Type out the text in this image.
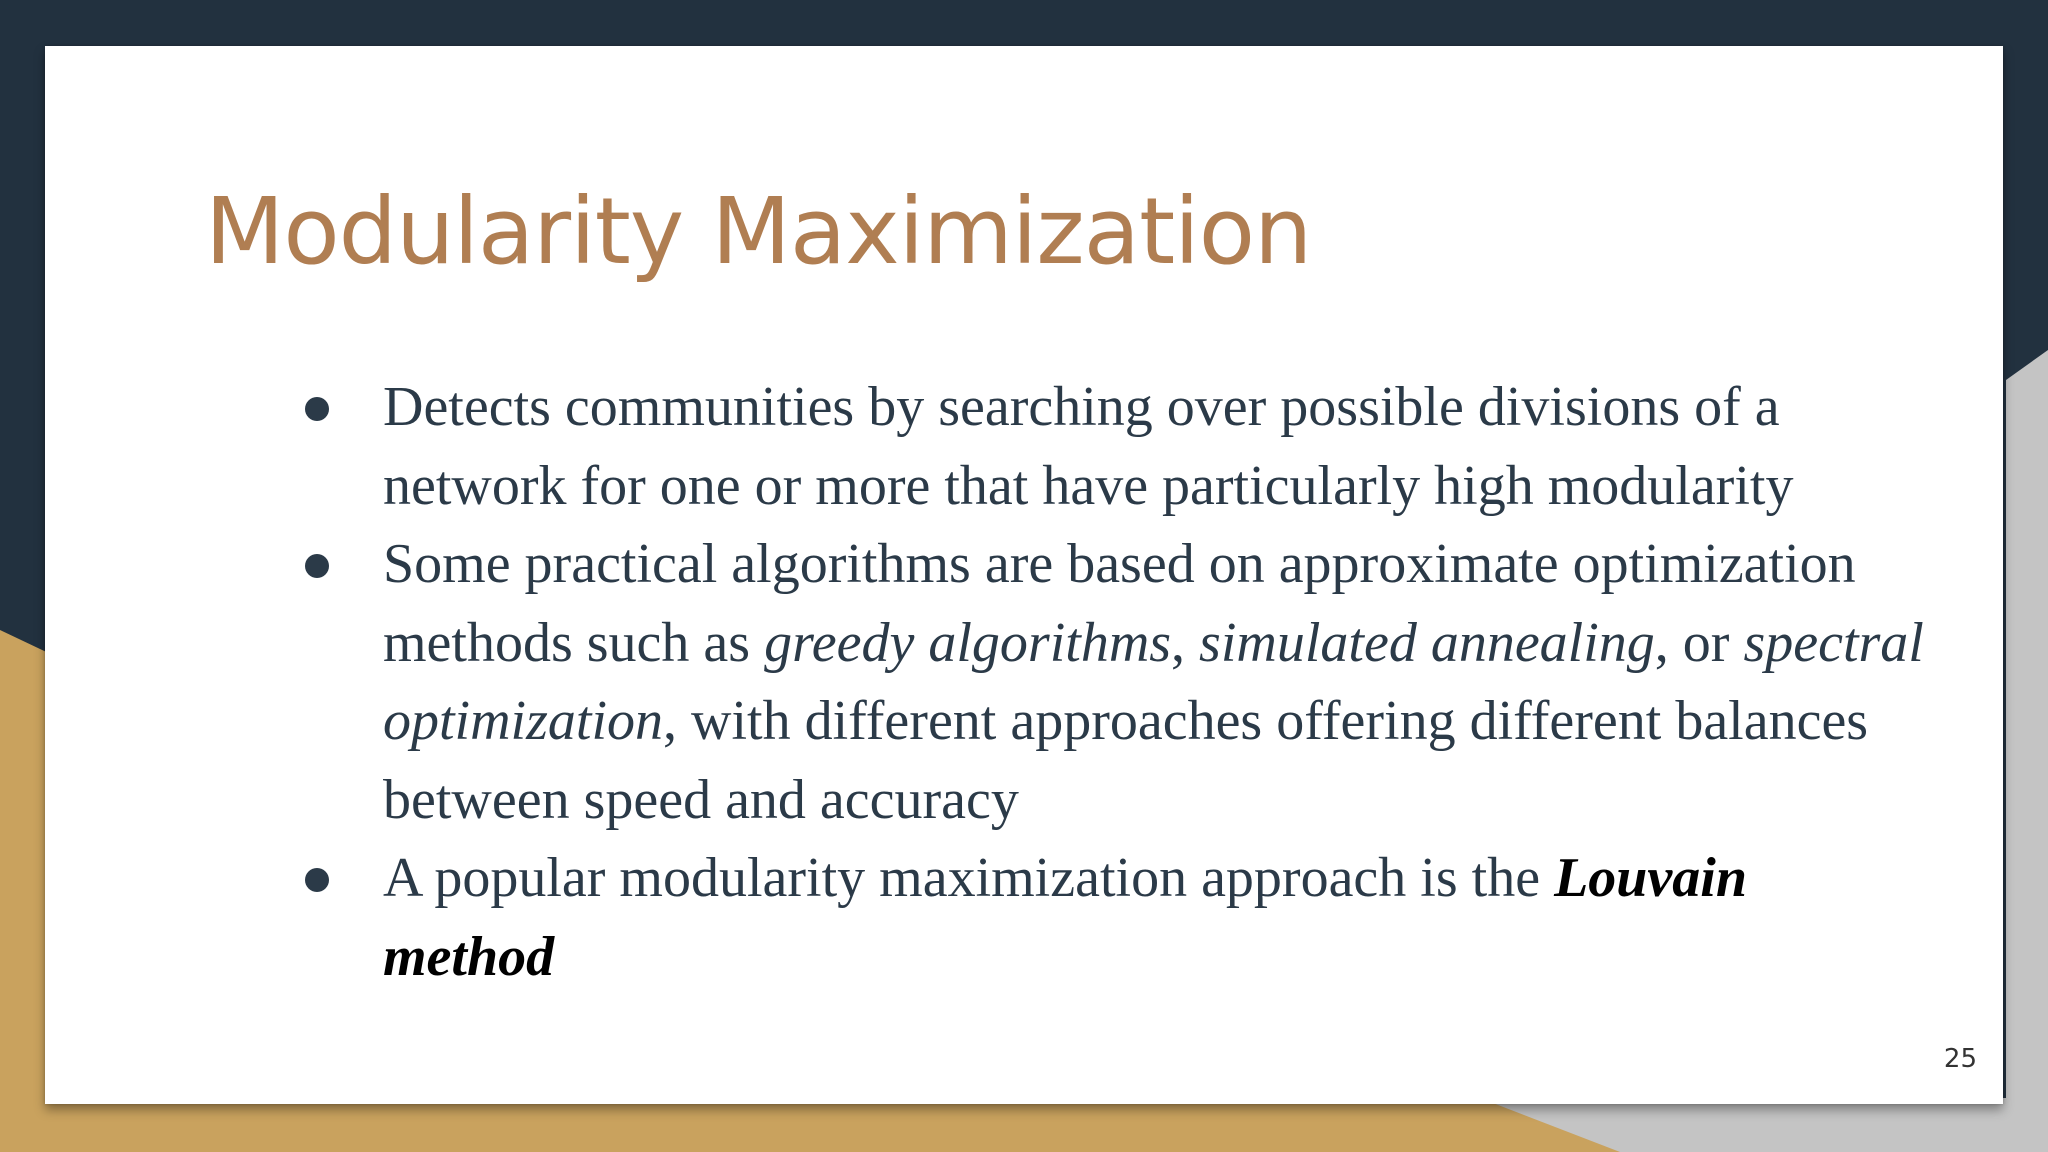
Modularity Maximization
Detects communities by searching over possible divisions of a network for one or more that have particularly high modularity
Some practical algorithms are based on approximate optimization methods such as greedy algorithms, simulated annealing, or spectral optimization, with different approaches offering different balances between speed and accuracy
A popular modularity maximization approach is the Louvain method
25
